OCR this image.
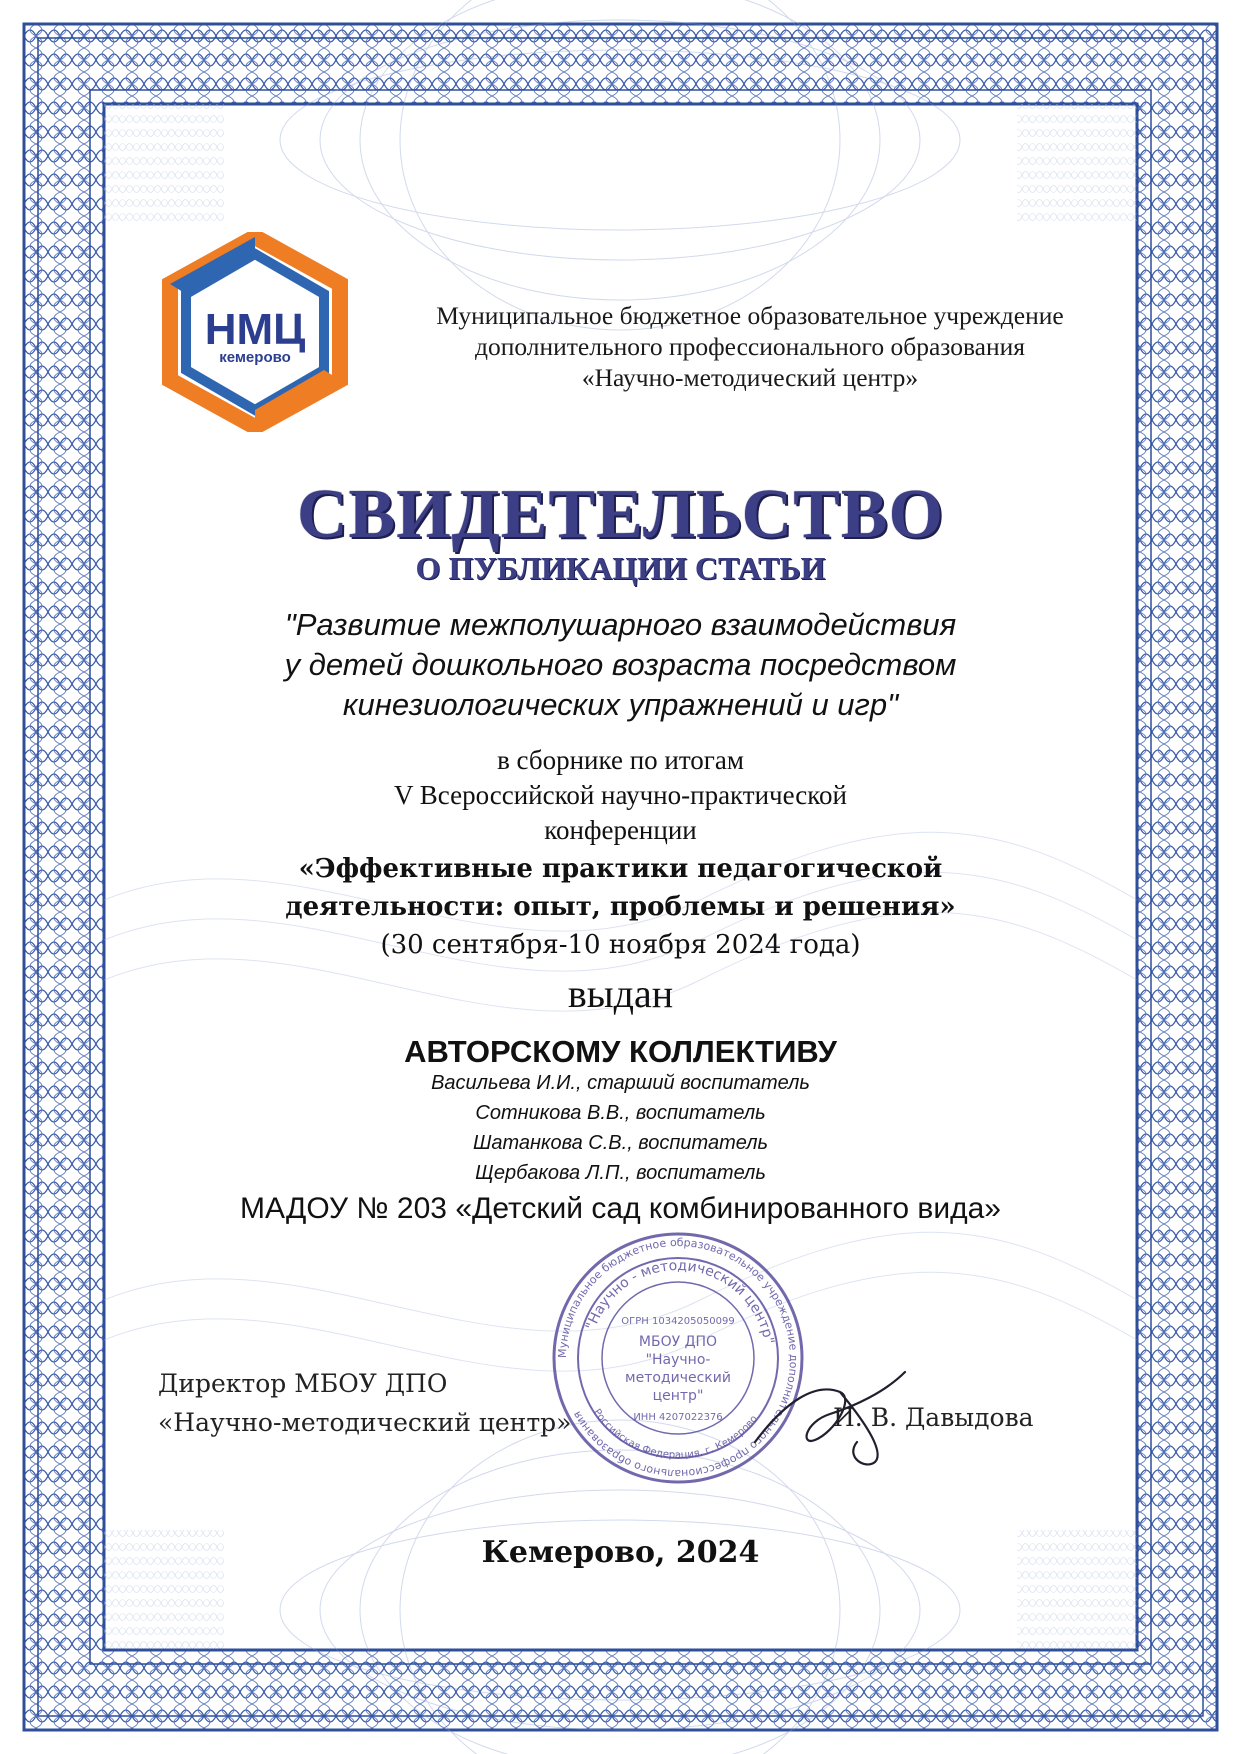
НМЦ
кемерово
Муниципальное бюджетное образовательное учреждение
дополнительного профессионального образования
«Научно-методический центр»
СВИДЕТЕЛЬСТВО
О ПУБЛИКАЦИИ СТАТЬИ
"Развитие межполушарного взаимодействия
у детей дошкольного возраста посредством
кинезиологических упражнений и игр"
в сборнике по итогам
V Всероссийской научно-практической
конференции
«Эффективные практики педагогической
деятельности: опыт, проблемы и решения»
(30 сентября-10 ноября 2024 года)
выдан
АВТОРСКОМУ КОЛЛЕКТИВУ
Васильева И.И., старший воспитатель
Сотникова В.В., воспитатель
Шатанкова С.В., воспитатель
Щербакова Л.П., воспитатель
МАДОУ № 203 «Детский сад комбинированного вида»
Директор МБОУ ДПО
«Научно-методический центр»	И. В. Давыдова
Муниципальное бюджетное образовательное учреждение дополнительного профессионального образования
"Научно - методический центр"
ОГРН 1034205050099
МБОУ ДПО
"Научно-
методический
центр"
ИНН 4207022376
Российская Федерация, г. Кемерово
Кемерово, 2024
